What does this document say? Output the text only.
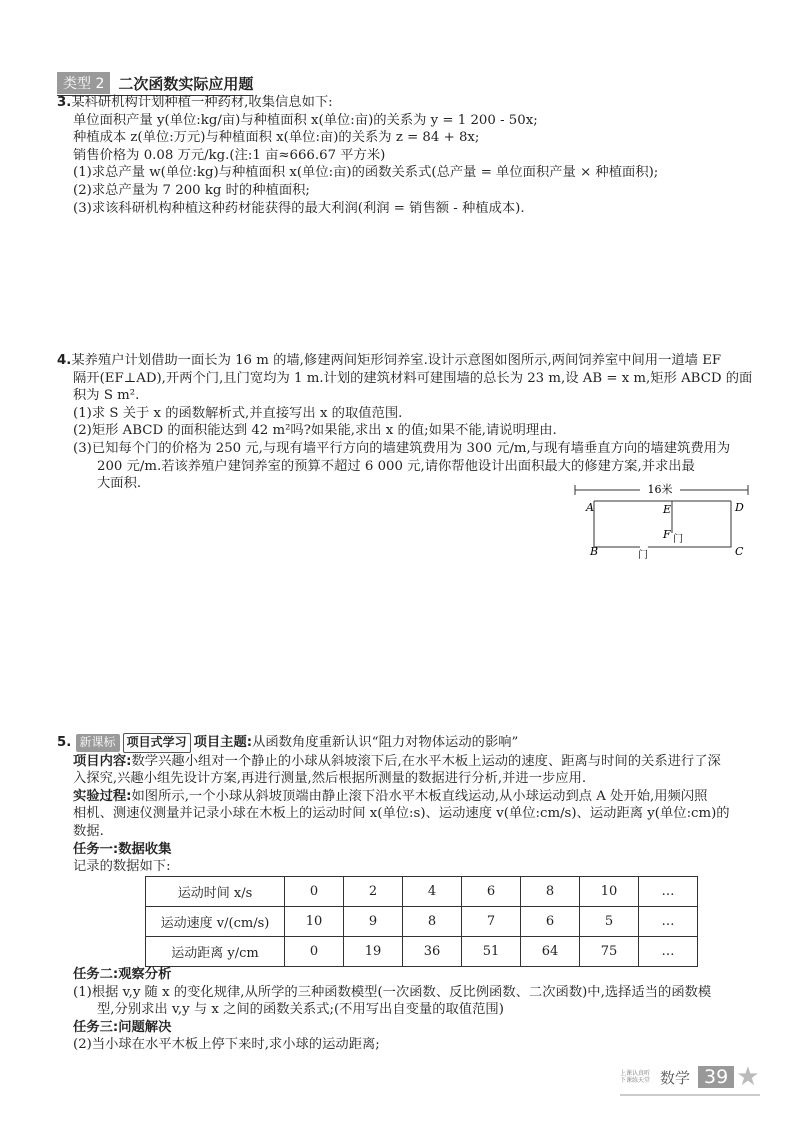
类型 2 二次函数实际应用题
3.某科研机构计划种植一种药材,收集信息如下:
单位面积产量 y(单位:kg/亩)与种植面积 x(单位:亩)的关系为 y = 1 200 - 50x;
种植成本 z(单位:万元)与种植面积 x(单位:亩)的关系为 z = 84 + 8x;
销售价格为 0.08 万元/kg.(注:1 亩≈666.67 平方米)
(1)求总产量 w(单位:kg)与种植面积 x(单位:亩)的函数关系式(总产量 = 单位面积产量 × 种植面积);
(2)求总产量为 7 200 kg 时的种植面积;
(3)求该科研机构种植这种药材能获得的最大利润(利润 = 销售额 - 种植成本).
4.某养殖户计划借助一面长为 16 m 的墙,修建两间矩形饲养室.设计示意图如图所示,两间饲养室中间用一道墙 EF
隔开(EF⊥AD),开两个门,且门宽均为 1 m.计划的建筑材料可建围墙的总长为 23 m,设 AB = x m,矩形 ABCD 的面
积为 S m².
(1)求 S 关于 x 的函数解析式,并直接写出 x 的取值范围.
(2)矩形 ABCD 的面积能达到 42 m²吗?如果能,求出 x 的值;如果不能,请说明理由.
(3)已知每个门的价格为 250 元,与现有墙平行方向的墙建筑费用为 300 元/m,与现有墙垂直方向的墙建筑费用为
200 元/m.若该养殖户建饲养室的预算不超过 6 000 元,请你帮他设计出面积最大的修建方案,并求出最
大面积.	16米
A
B	C
D
E
F 门
门
5. 新课标 项目式学习 项目主题:从函数角度重新认识“阻力对物体运动的影响”
项目内容:数学兴趣小组对一个静止的小球从斜坡滚下后,在水平木板上运动的速度、距离与时间的关系进行了深
入探究,兴趣小组先设计方案,再进行测量,然后根据所测量的数据进行分析,并进一步应用.
实验过程:如图所示,一个小球从斜坡顶端由静止滚下沿水平木板直线运动,从小球运动到点 A 处开始,用频闪照
相机、测速仪测量并记录小球在木板上的运动时间 x(单位:s)、运动速度 v(单位:cm/s)、运动距离 y(单位:cm)的
数据.
任务一:数据收集
记录的数据如下:
运动时间 x/s	0	2	4	6	8	10	…
运动速度 v/(cm/s)	10	9	8	7	6	5	…
运动距离 y/cm	0	19	36	51	64	75	…
任务二:观察分析
(1)根据 v,y 随 x 的变化规律,从所学的三种函数模型(一次函数、反比例函数、二次函数)中,选择适当的函数模
型,分别求出 v,y 与 x 之间的函数关系式;(不用写出自变量的取值范围)
任务三:问题解决
(2)当小球在水平木板上停下来时,求小球的运动距离;
上课认真听
下课练天堂 数学 39 ★
